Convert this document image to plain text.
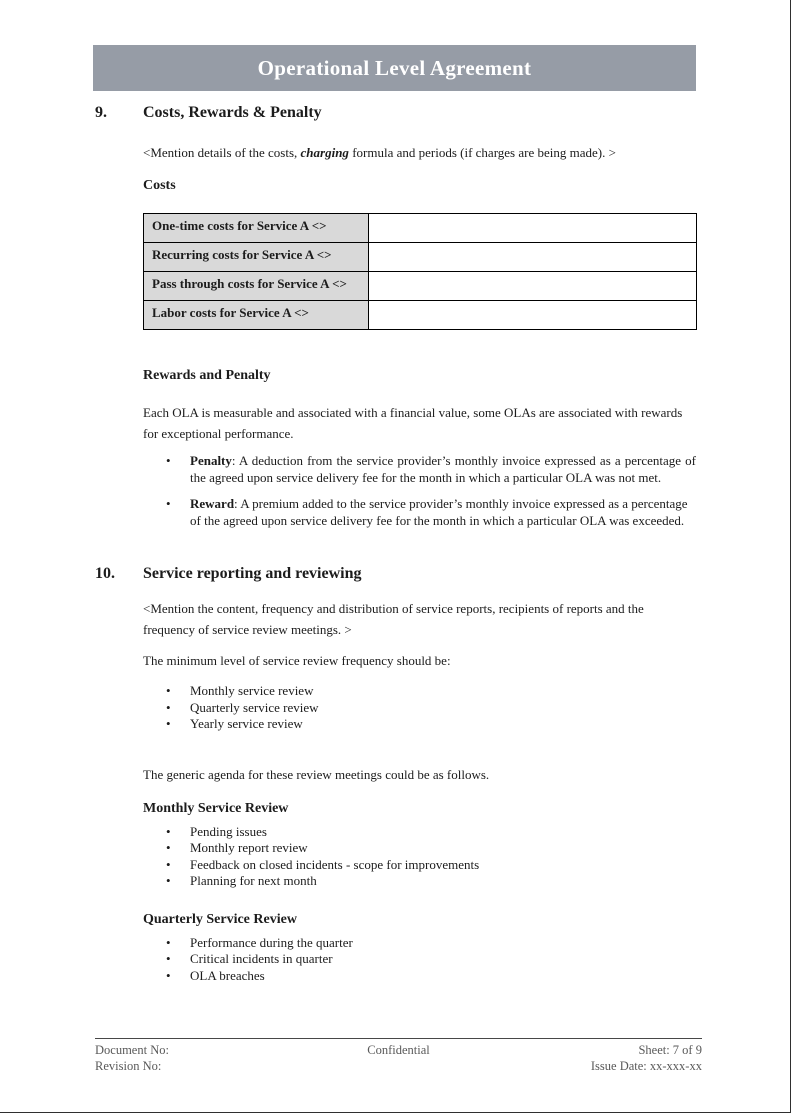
Operational Level Agreement
9.	Costs, Rewards & Penalty

<Mention details of the costs, charging formula and periods (if charges are being made). >

Costs
One-time costs for Service A <>	
Recurring costs for Service A <>	
Pass through costs for Service A <>	
Labor costs for Service A <>	
Rewards and Penalty

Each OLA is measurable and associated with a financial value, some OLAs are associated with rewards for exceptional performance.

• Penalty: A deduction from the service provider’s monthly invoice expressed as a percentage of the agreed upon service delivery fee for the month in which a particular OLA was not met.
• Reward: A premium added to the service provider’s monthly invoice expressed as a percentage of the agreed upon service delivery fee for the month in which a particular OLA was exceeded.
10.	Service reporting and reviewing

<Mention the content, frequency and distribution of service reports, recipients of reports and the frequency of service review meetings. >

The minimum level of service review frequency should be:

• Monthly service review
• Quarterly service review
• Yearly service review

The generic agenda for these review meetings could be as follows.

Monthly Service Review
• Pending issues
• Monthly report review
• Feedback on closed incidents - scope for improvements
• Planning for next month
Quarterly Service Review
• Performance during the quarter
• Critical incidents in quarter
• OLA breaches
Document No:
Revision No:
Confidential	Sheet: 7 of 9
Issue Date: xx-xxx-xx
